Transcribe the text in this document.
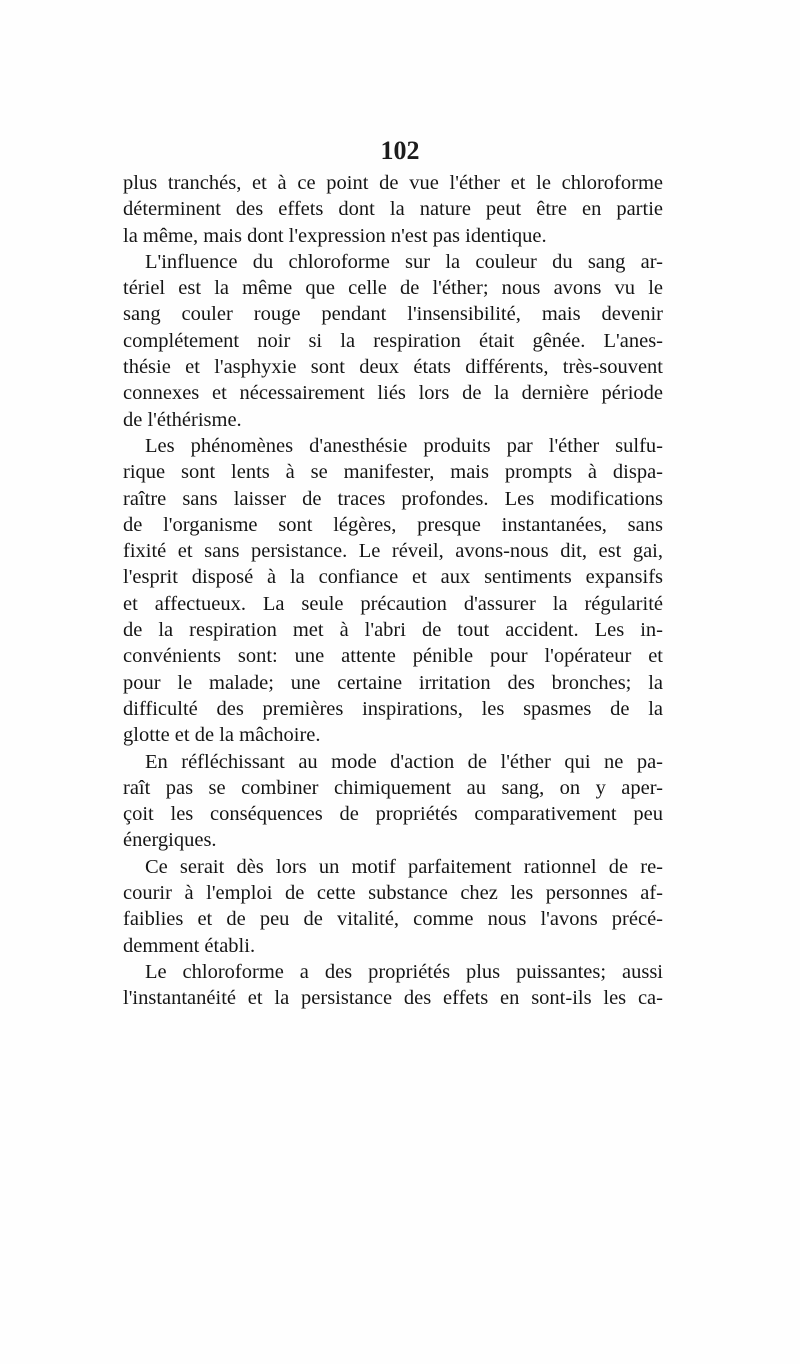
102
plus tranchés, et à ce point de vue l'éther et le chloroforme
déterminent des effets dont la nature peut être en partie
la même, mais dont l'expression n'est pas identique.
L'influence du chloroforme sur la couleur du sang ar-
tériel est la même que celle de l'éther; nous avons vu le
sang couler rouge pendant l'insensibilité, mais devenir
complétement noir si la respiration était gênée. L'anes-
thésie et l'asphyxie sont deux états différents, très-souvent
connexes et nécessairement liés lors de la dernière période
de l'éthérisme.
Les phénomènes d'anesthésie produits par l'éther sulfu-
rique sont lents à se manifester, mais prompts à dispa-
raître sans laisser de traces profondes. Les modifications
de l'organisme sont légères, presque instantanées, sans
fixité et sans persistance. Le réveil, avons-nous dit, est gai,
l'esprit disposé à la confiance et aux sentiments expansifs
et affectueux. La seule précaution d'assurer la régularité
de la respiration met à l'abri de tout accident. Les in-
convénients sont: une attente pénible pour l'opérateur et
pour le malade; une certaine irritation des bronches; la
difficulté des premières inspirations, les spasmes de la
glotte et de la mâchoire.
En réfléchissant au mode d'action de l'éther qui ne pa-
raît pas se combiner chimiquement au sang, on y aper-
çoit les conséquences de propriétés comparativement peu
énergiques.
Ce serait dès lors un motif parfaitement rationnel de re-
courir à l'emploi de cette substance chez les personnes af-
faiblies et de peu de vitalité, comme nous l'avons précé-
demment établi.
Le chloroforme a des propriétés plus puissantes; aussi
l'instantanéité et la persistance des effets en sont-ils les ca-
